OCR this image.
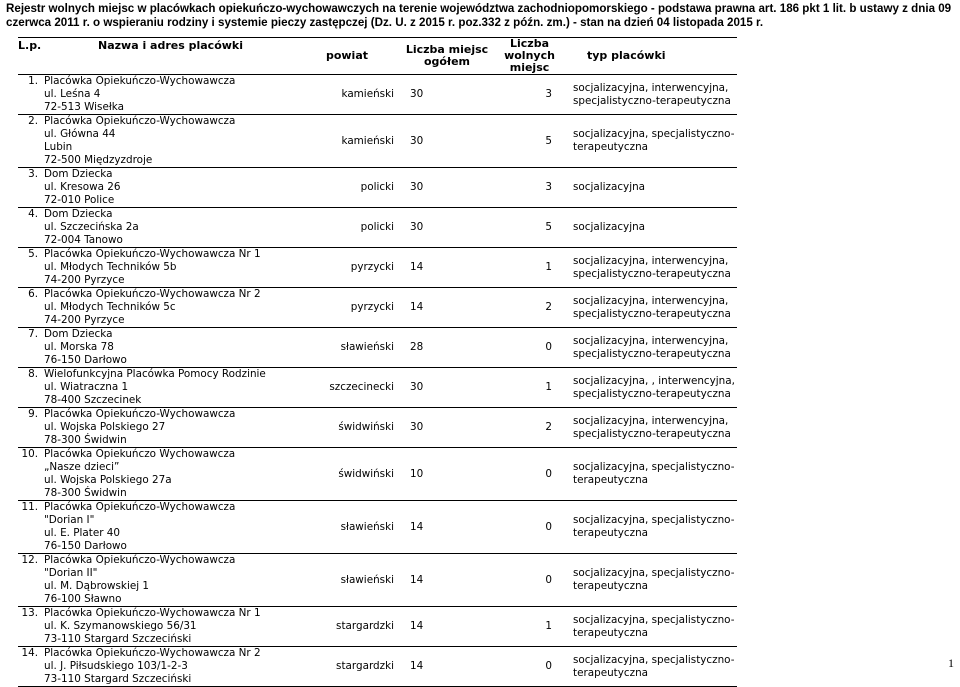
Rejestr wolnych miejsc w placówkach opiekuńczo-wychowawczych na terenie województwa zachodniopomorskiego - podstawa prawna art. 186 pkt 1 lit. b ustawy z dnia 09 czerwca 2011 r. o wspieraniu rodziny i systemie pieczy zastępczej (Dz. U. z 2015 r. poz.332 z późn. zm.) - stan na dzień 04 listopada 2015 r.
L.p.	Nazwa i adres placówki	powiat	Liczba miejsc ogółem	Liczba wolnych miejsc	typ placówki
1.	Placówka Opiekuńczo-Wychowawcza
ul. Leśna 4
72-513 Wisełka	kamieński	30	3	socjalizacyjna, interwencyjna, specjalistyczno-terapeutyczna
2.	Placówka Opiekuńczo-Wychowawcza
ul. Główna 44
Lubin
72-500 Międzyzdroje	kamieński	30	5	socjalizacyjna, specjalistyczno-terapeutyczna
3.	Dom Dziecka
ul. Kresowa 26
72-010 Police	policki	30	3	socjalizacyjna
4.	Dom Dziecka
ul. Szczecińska 2a
72-004 Tanowo	policki	30	5	socjalizacyjna
5.	Placówka Opiekuńczo-Wychowawcza Nr 1
ul. Młodych Techników 5b
74-200 Pyrzyce	pyrzycki	14	1	socjalizacyjna, interwencyjna, specjalistyczno-terapeutyczna
6.	Placówka Opiekuńczo-Wychowawcza Nr 2
ul. Młodych Techników 5c
74-200 Pyrzyce	pyrzycki	14	2	socjalizacyjna, interwencyjna, specjalistyczno-terapeutyczna
7.	Dom Dziecka
ul. Morska 78
76-150 Darłowo	sławieński	28	0	socjalizacyjna, interwencyjna, specjalistyczno-terapeutyczna
8.	Wielofunkcyjna Placówka Pomocy Rodzinie
ul. Wiatraczna 1
78-400 Szczecinek	szczecinecki	30	1	socjalizacyjna, , interwencyjna, specjalistyczno-terapeutyczna
9.	Placówka Opiekuńczo-Wychowawcza
ul. Wojska Polskiego 27
78-300 Świdwin	świdwiński	30	2	socjalizacyjna, interwencyjna, specjalistyczno-terapeutyczna
10.	Placówka Opiekuńczo Wychowawcza
„Nasze dzieci”
ul. Wojska Polskiego 27a
78-300 Świdwin	świdwiński	10	0	socjalizacyjna, specjalistyczno-terapeutyczna
11.	Placówka Opiekuńczo-Wychowawcza
"Dorian I"
ul. E. Plater 40
76-150 Darłowo	sławieński	14	0	socjalizacyjna, specjalistyczno-terapeutyczna
12.	Placówka Opiekuńczo-Wychowawcza
"Dorian II"
ul. M. Dąbrowskiej 1
76-100 Sławno	sławieński	14	0	socjalizacyjna, specjalistyczno-terapeutyczna
13.	Placówka Opiekuńczo-Wychowawcza Nr 1
ul. K. Szymanowskiego 56/31
73-110 Stargard Szczeciński	stargardzki	14	1	socjalizacyjna, specjalistyczno-terapeutyczna
14.	Placówka Opiekuńczo-Wychowawcza Nr 2
ul. J. Piłsudskiego 103/1-2-3
73-110 Stargard Szczeciński	stargardzki	14	0	socjalizacyjna, specjalistyczno-terapeutyczna
1
